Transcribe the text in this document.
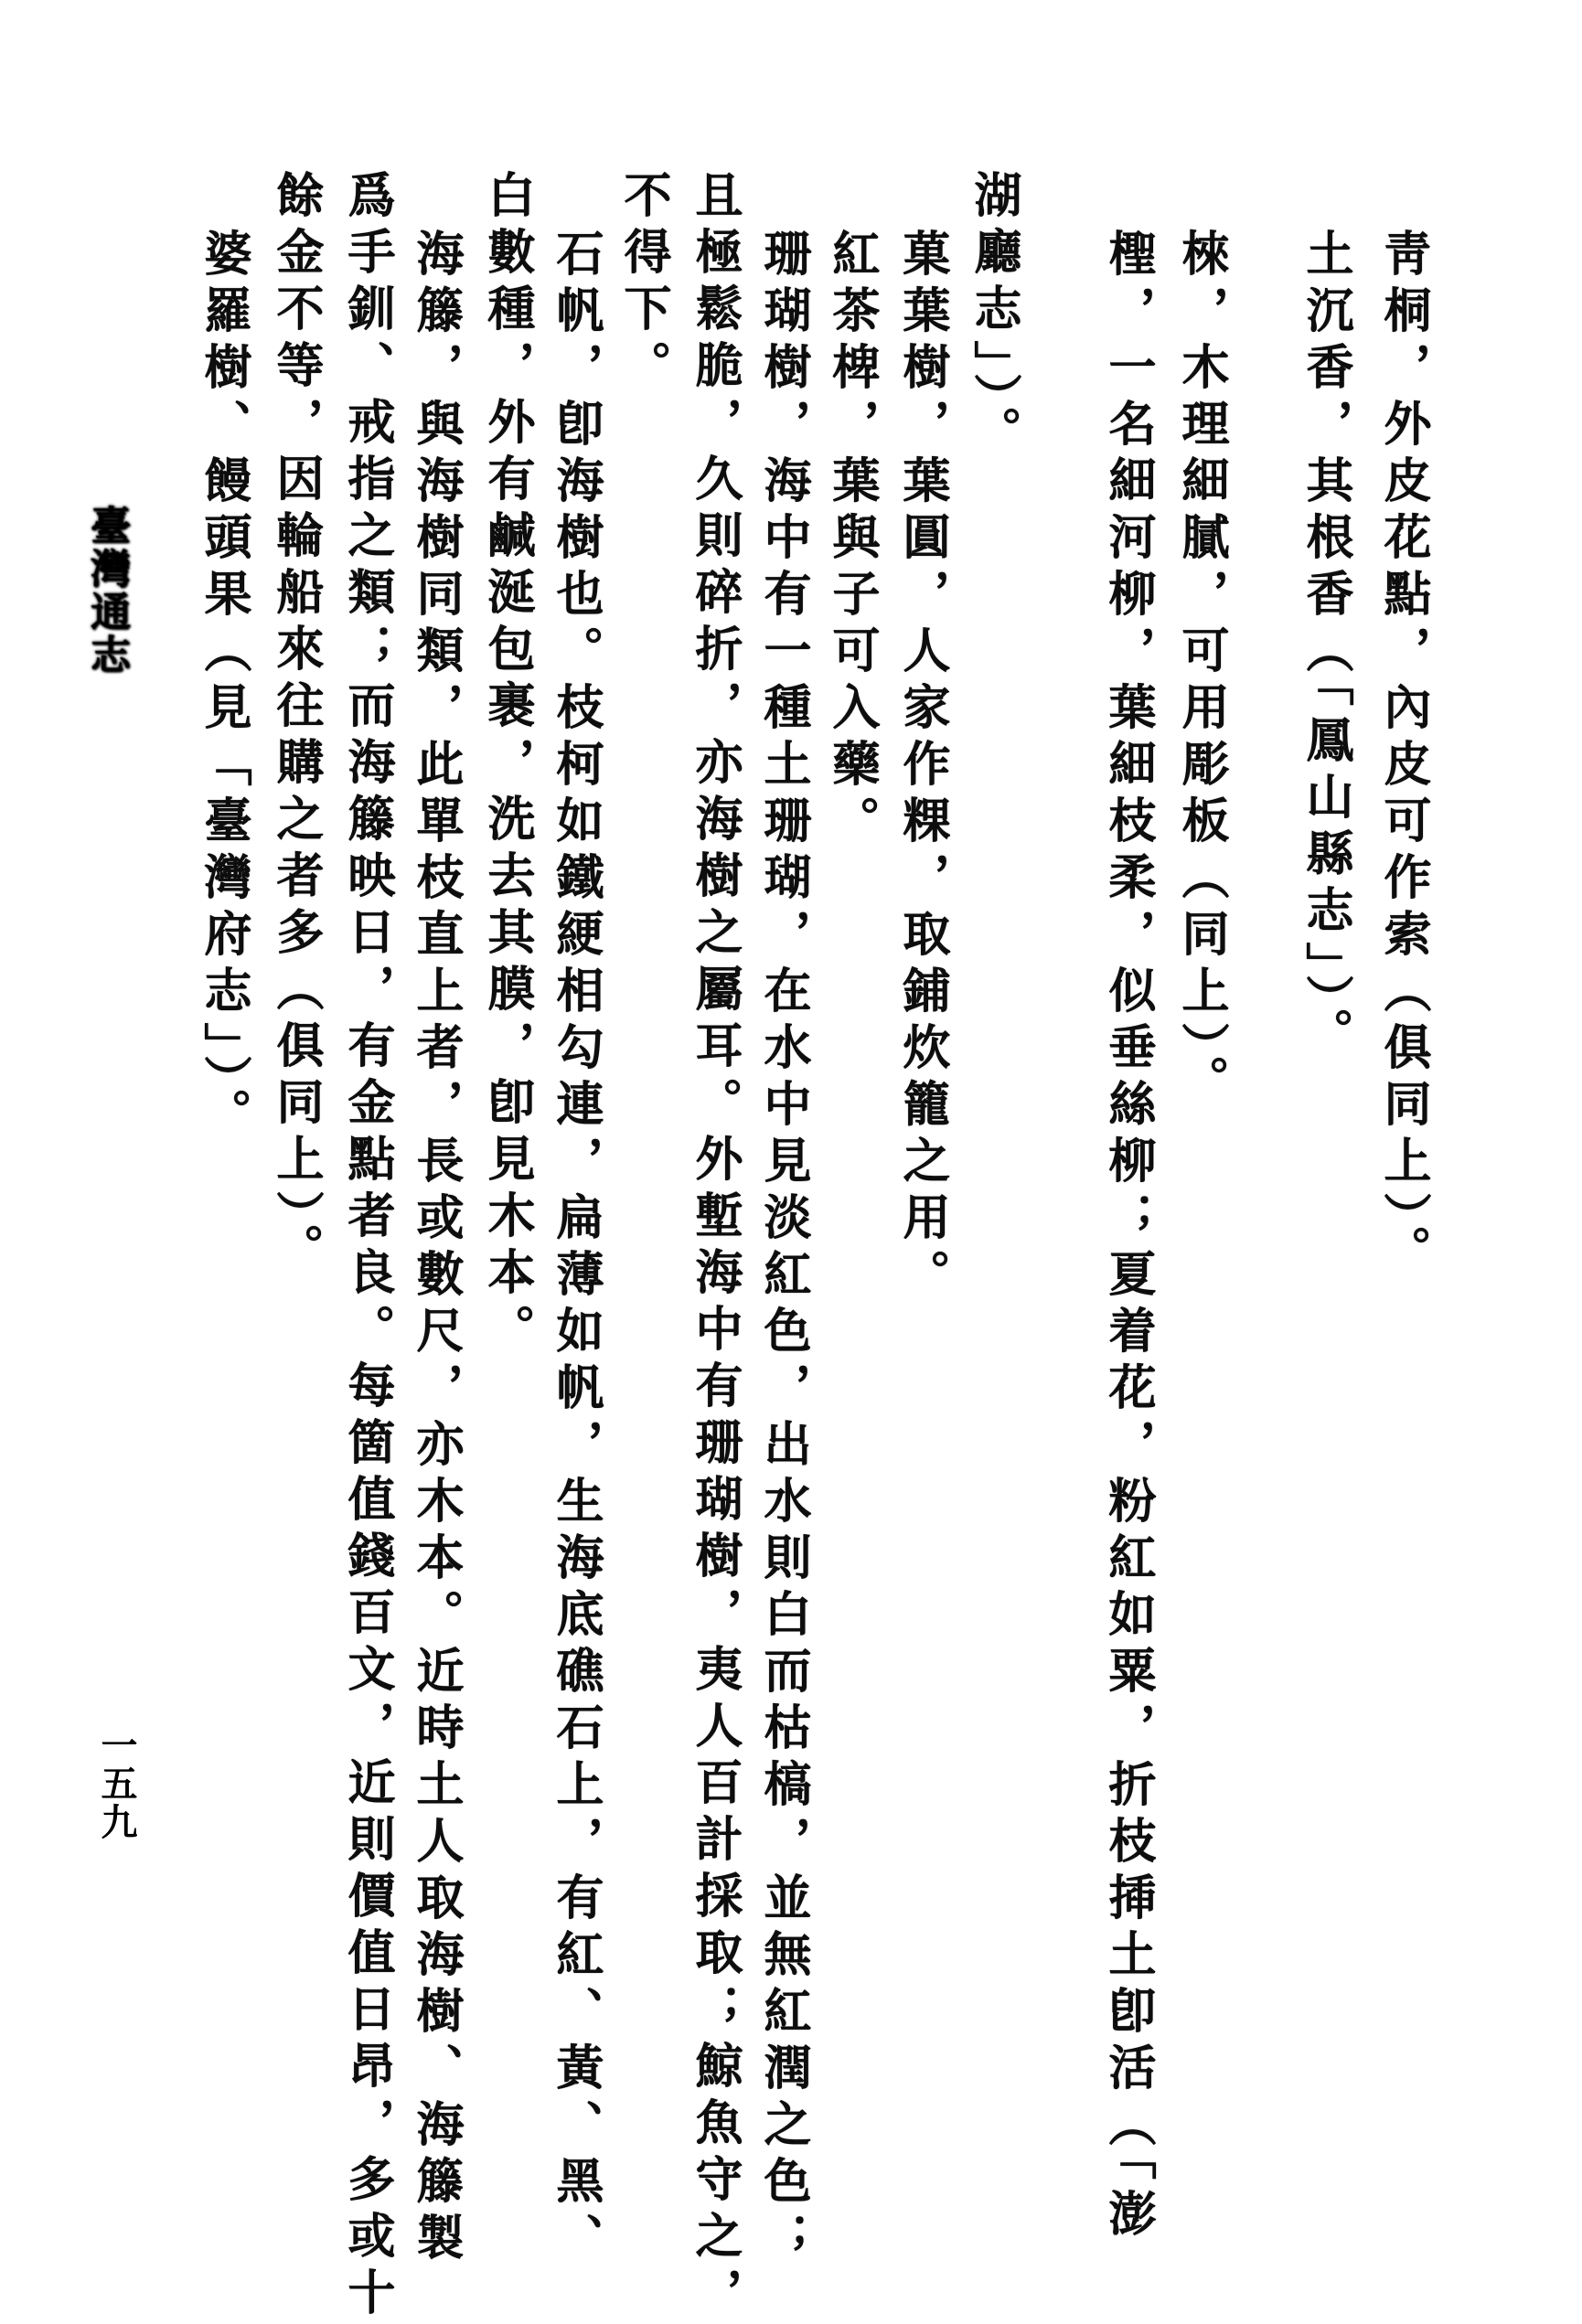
臺灣通志
一五九
靑桐，外皮花點，內皮可作索（俱同上）。
土沉香，其根香（「鳳山縣志」）。
棶，木理細膩，可用彫板（同上）。
檉，一名細河柳，葉細枝柔，似垂絲柳；夏着花，粉紅如粟，折枝揷土卽活（「澎
湖廳志」）。
菓葉樹，葉圓，人家作粿，取鋪炊籠之用。
紅茶椑，葉與子可入藥。
珊瑚樹，海中有一種土珊瑚，在水中見淡紅色，出水則白而枯槁，並無紅潤之色；
且極鬆脆，久則碎折，亦海樹之屬耳。外塹海中有珊瑚樹，夷人百計採取；鯨魚守之，
不得下。
石帆，卽海樹也。枝柯如鐵綆相勾連，扁薄如帆，生海底礁石上，有紅、黃、黑、
白數種，外有鹹涎包裹，洗去其膜，卽見木本。
海籐，與海樹同類，此單枝直上者，長或數尺，亦木本。近時土人取海樹、海籐製
爲手釧、戒指之類；而海籐映日，有金點者良。每箇值錢百文，近則價值日昂，多或十
餘金不等，因輪船來往購之者多（俱同上）。
婆羅樹、饅頭果（見「臺灣府志」）。
